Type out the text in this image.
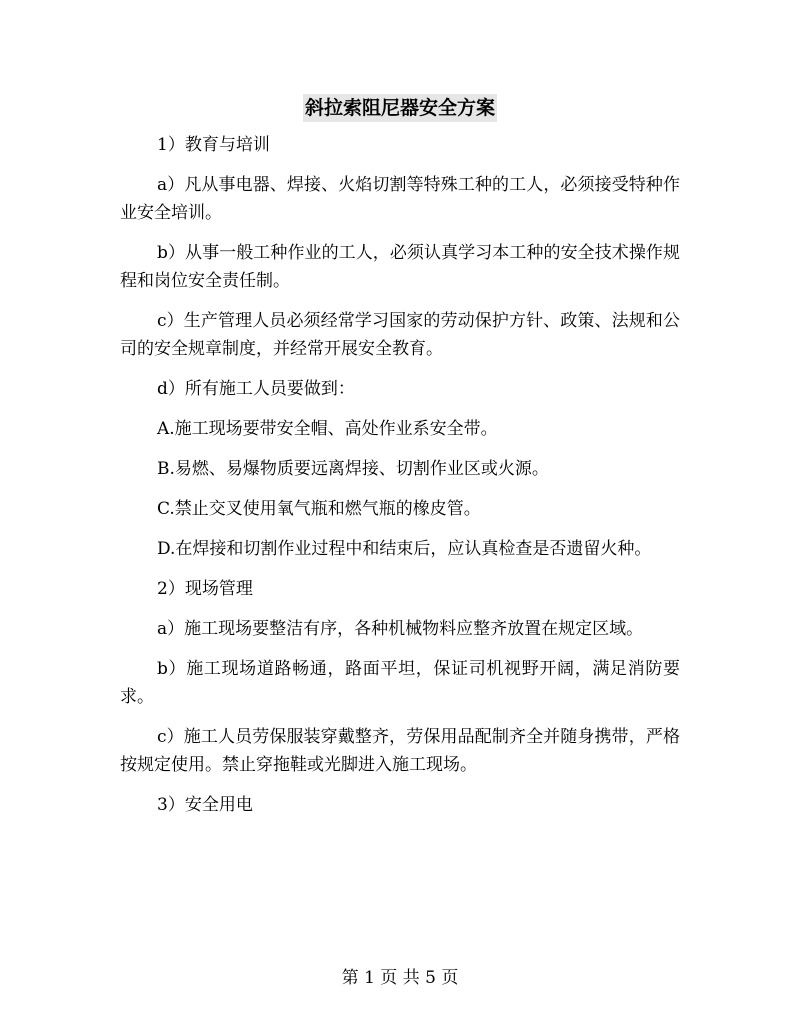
斜拉索阻尼器安全方案

1）教育与培训

a）凡从事电器、焊接、火焰切割等特殊工种的工人，必须接受特种作业安全培训。

b）从事一般工种作业的工人，必须认真学习本工种的安全技术操作规程和岗位安全责任制。

c）生产管理人员必须经常学习国家的劳动保护方针、政策、法规和公司的安全规章制度，并经常开展安全教育。

d）所有施工人员要做到：

A.施工现场要带安全帽、高处作业系安全带。

B.易燃、易爆物质要远离焊接、切割作业区或火源。

C.禁止交叉使用氧气瓶和燃气瓶的橡皮管。

D.在焊接和切割作业过程中和结束后，应认真检查是否遗留火种。

2）现场管理

a）施工现场要整洁有序，各种机械物料应整齐放置在规定区域。

b）施工现场道路畅通，路面平坦，保证司机视野开阔，满足消防要求。

c）施工人员劳保服装穿戴整齐，劳保用品配制齐全并随身携带，严格按规定使用。禁止穿拖鞋或光脚进入施工现场。

3）安全用电

第 1 页 共 5 页
